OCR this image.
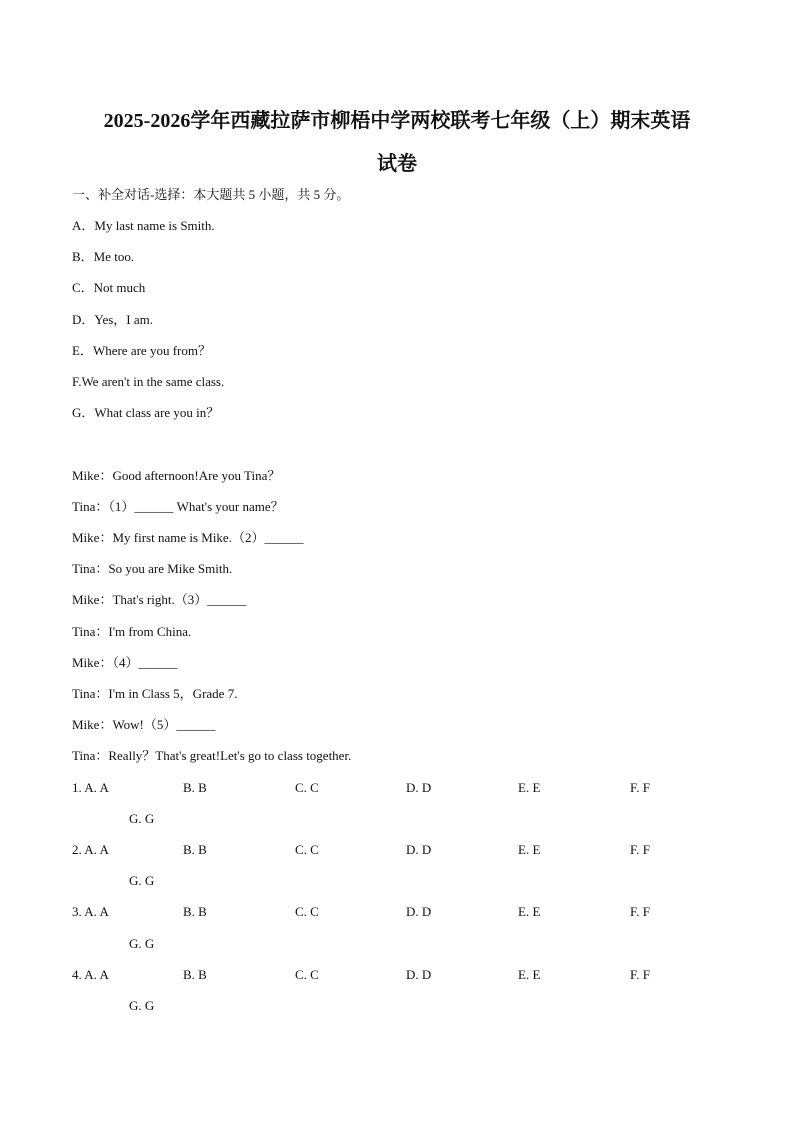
2025-2026学年西藏拉萨市柳梧中学两校联考七年级（上）期末英语
试卷
一、补全对话-选择：本大题共 5 小题，共 5 分。
A．My last name is Smith.
B．Me too.
C．Not much
D．Yes，I am.
E．Where are you from？
F.We aren't in the same class.
G．What class are you in？
Mike：Good afternoon!Are you Tina？
Tina：（1）______ What's your name？
Mike：My first name is Mike.（2）______
Tina：So you are Mike Smith.
Mike：That's right.（3）______
Tina：I'm from China.
Mike：（4）______
Tina：I'm in Class 5，Grade 7.
Mike：Wow!（5）______
Tina：Really？That's great!Let's go to class together.
1. A. A	B. B	C. C	D. D	E. E	F. F
G. G
2. A. A	B. B	C. C	D. D	E. E	F. F
G. G
3. A. A	B. B	C. C	D. D	E. E	F. F
G. G
4. A. A	B. B	C. C	D. D	E. E	F. F
G. G
